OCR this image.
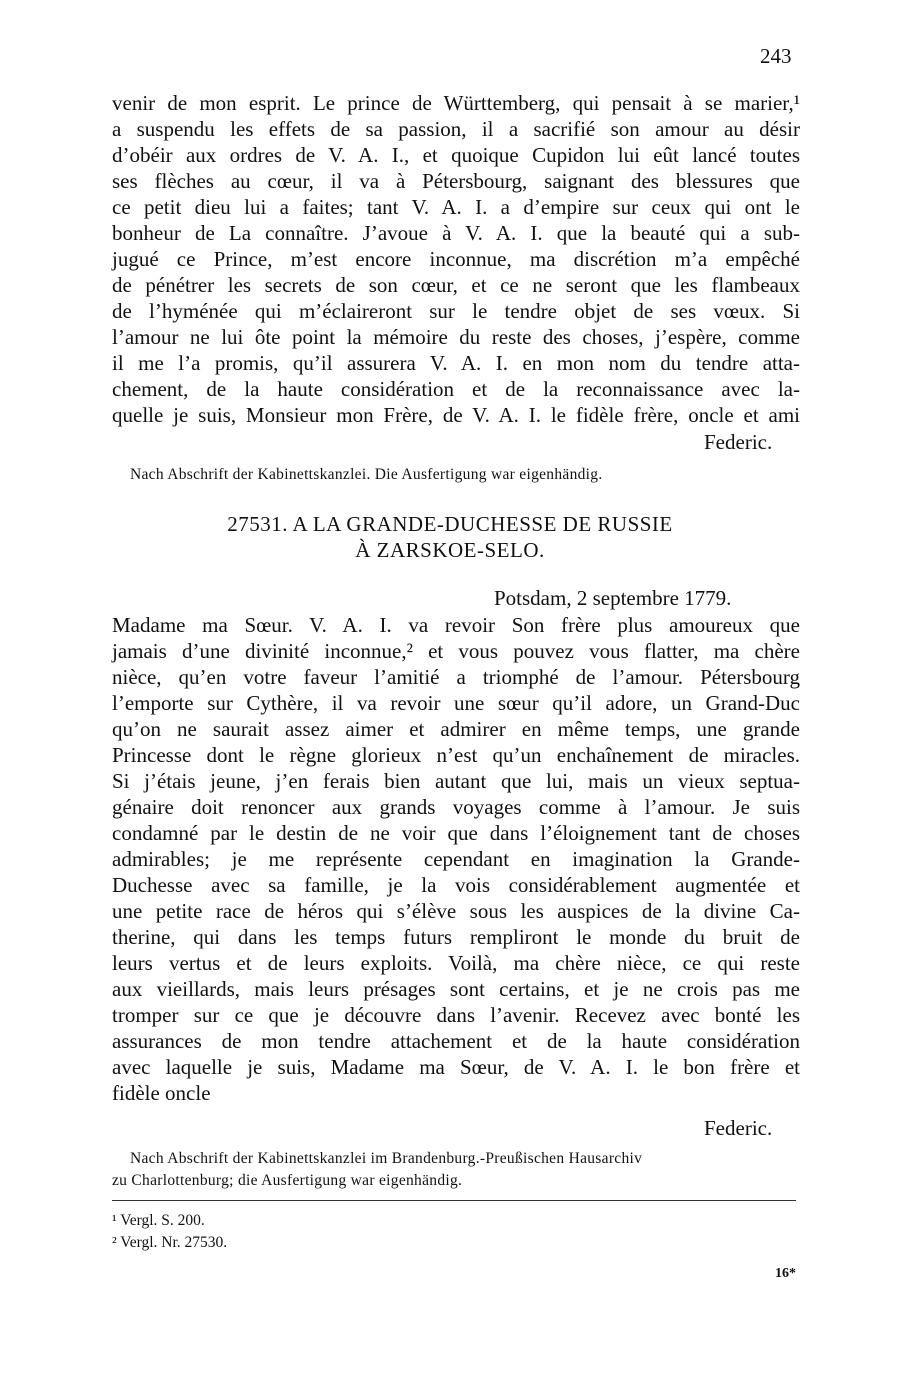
243
venir de mon esprit. Le prince de Württemberg, qui pensait à se marier,¹
a suspendu les effets de sa passion, il a sacrifié son amour au désir
d’obéir aux ordres de V. A. I., et quoique Cupidon lui eût lancé toutes
ses flèches au cœur, il va à Pétersbourg, saignant des blessures que
ce petit dieu lui a faites; tant V. A. I. a d’empire sur ceux qui ont le
bonheur de La connaître. J’avoue à V. A. I. que la beauté qui a sub-
jugué ce Prince, m’est encore inconnue, ma discrétion m’a empêché
de pénétrer les secrets de son cœur, et ce ne seront que les flambeaux
de l’hyménée qui m’éclaireront sur le tendre objet de ses vœux. Si
l’amour ne lui ôte point la mémoire du reste des choses, j’espère, comme
il me l’a promis, qu’il assurera V. A. I. en mon nom du tendre atta-
chement, de la haute considération et de la reconnaissance avec la-
quelle je suis, Monsieur mon Frère, de V. A. I. le fidèle frère, oncle et ami
Federic.
Nach Abschrift der Kabinettskanzlei. Die Ausfertigung war eigenhändig.
27531. A LA GRANDE-DUCHESSE DE RUSSIE
À ZARSKOE-SELO.
Potsdam, 2 septembre 1779.
Madame ma Sœur. V. A. I. va revoir Son frère plus amoureux que
jamais d’une divinité inconnue,² et vous pouvez vous flatter, ma chère
nièce, qu’en votre faveur l’amitié a triomphé de l’amour. Pétersbourg
l’emporte sur Cythère, il va revoir une sœur qu’il adore, un Grand-Duc
qu’on ne saurait assez aimer et admirer en même temps, une grande
Princesse dont le règne glorieux n’est qu’un enchaînement de miracles.
Si j’étais jeune, j’en ferais bien autant que lui, mais un vieux septua-
génaire doit renoncer aux grands voyages comme à l’amour. Je suis
condamné par le destin de ne voir que dans l’éloignement tant de choses
admirables; je me représente cependant en imagination la Grande-
Duchesse avec sa famille, je la vois considérablement augmentée et
une petite race de héros qui s’élève sous les auspices de la divine Ca-
therine, qui dans les temps futurs rempliront le monde du bruit de
leurs vertus et de leurs exploits. Voilà, ma chère nièce, ce qui reste
aux vieillards, mais leurs présages sont certains, et je ne crois pas me
tromper sur ce que je découvre dans l’avenir. Recevez avec bonté les
assurances de mon tendre attachement et de la haute considération
avec laquelle je suis, Madame ma Sœur, de V. A. I. le bon frère et
fidèle oncle
Federic.
Nach Abschrift der Kabinettskanzlei im Brandenburg.-Preußischen Hausarchiv
zu Charlottenburg; die Ausfertigung war eigenhändig.
¹ Vergl. S. 200.
² Vergl. Nr. 27530.
16*
